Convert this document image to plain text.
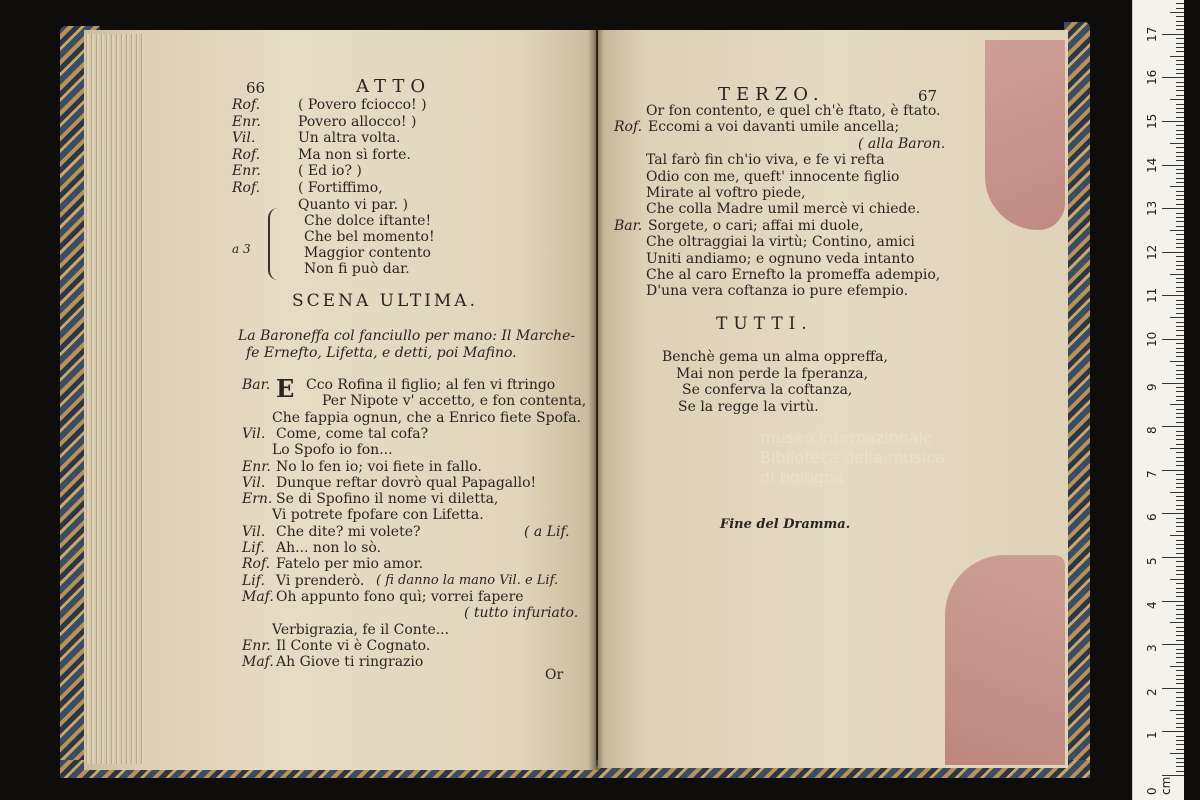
66	ATTO
Rof.	( Povero fciocco! )
Enr.	Povero allocco! )
Vil.	Un altra volta.
Rof.	Ma non sì forte.
Enr.	( Ed io? )
Rof.	( Fortiffimo,
Quanto vi par. )
a 3
Che dolce iftante!
Che bel momento!
Maggior contento
Non fi può dar.
SCENA ULTIMA.
La Baroneffa col fanciullo per mano: Il Marche-
fe Ernefto, Lifetta, e detti, poi Mafino.
E
Bar.	Cco Rofina il figlio; al fen vi ftringo
Per Nipote v' accetto, e fon contenta,
Che fappia ognun, che a Enrico fiete Spofa.
Vil. Come, come tal cofa?
Lo Spofo io fon...
Enr. No lo fen io; voi fiete in fallo.
Vil. Dunque reftar dovrò qual Papagallo!
Ern. Se di Spofino il nome vi diletta,
Vi potrete fpofare con Lifetta.
Vil. Che dite? mi volete?	( a Lif.
Lif. Ah... non lo sò.
Rof. Fatelo per mio amor.
Lif. Vi prenderò. ( fi danno la mano Vil. e Lif.
Maf. Oh appunto fono quì; vorrei fapere
( tutto infuriato.
Verbigrazia, fe il Conte...
Enr. Il Conte vi è Cognato.
Maf. Ah Giove ti ringrazio
Or
TERZO.	67
Or fon contento, e quel ch'è ftato, è ftato.
Rof. Eccomi a voi davanti umile ancella;
( alla Baron.
Tal farò fin ch'io viva, e fe vi refta
Odio con me, queft' innocente figlio
Mirate al voftro piede,
Che colla Madre umil mercè vi chiede.
Bar. Sorgete, o cari; affai mi duole,
Che oltraggiai la virtù; Contino, amici
Uniti andiamo; e ognuno veda intanto
Che al caro Ernefto la promeffa adempio,
D'una vera coftanza io pure efempio.
TUTTI.
Benchè gema un alma oppreffa,
Mai non perde la fperanza,
Se conferva la coftanza,
Se la regge la virtù.
Fine del Dramma.
museo internazionale
Biblioteca della musica
di bologna
0 cm
1
2
3
4
5
6
7
8
9
10
11
12
13
14
15
16
17
